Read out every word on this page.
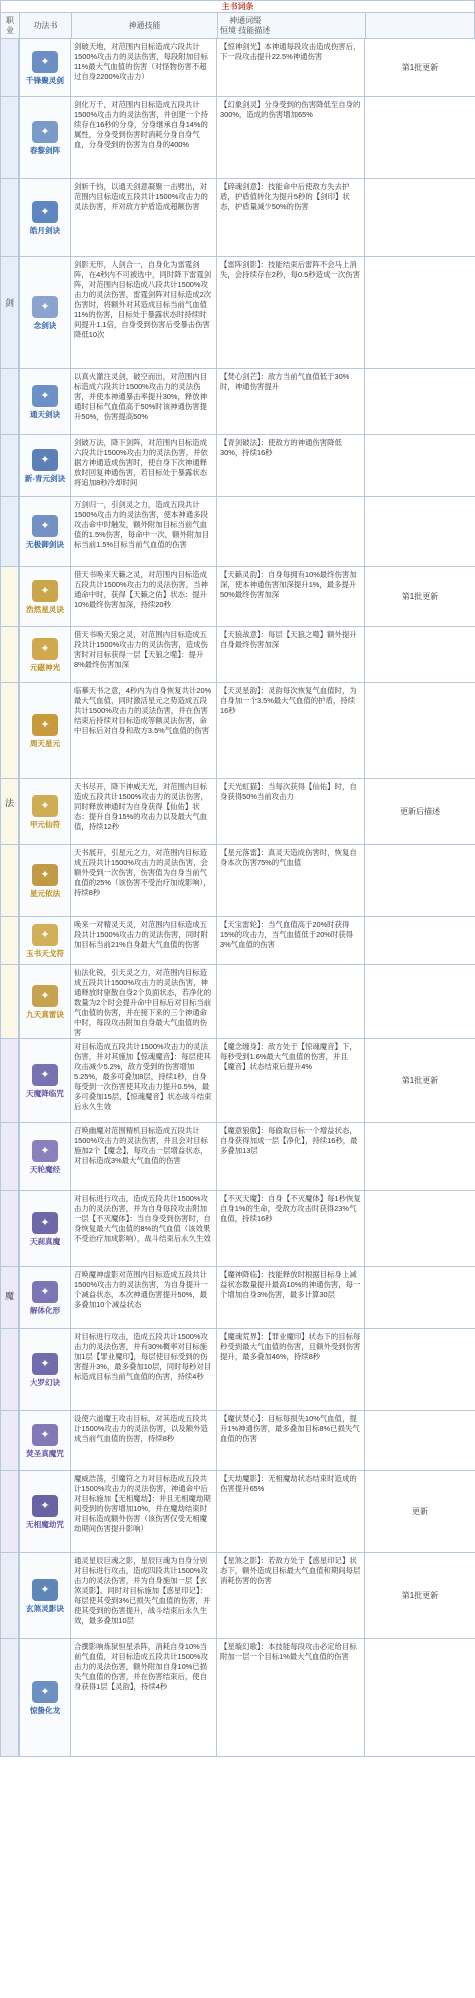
主书词条
职业
功法书	神通技能
神通词缀
恒境 技能描述
剑
法
魔
✦
千锋聚灵剑
剑破天地，对范围内目标造成六段共计1500%攻击力的灵法伤害，每段附加目标11%最大气血值的伤害（对怪物伤害不超过自身2200%攻击力）
【惊神剑光】本神通每段攻击造成伤害后，下一段攻击提升22.5%神通伤害
第1批更新
✦
春黎剑阵
剑化万千，对范围内目标造成五段共计1500%攻击力的灵法伤害，并创建一个持续存在16秒的分身，分身继承自身14%的属性，分身受到伤害时消耗分身自身气血，分身受到的伤害为自身的400%
【幻象剑灵】分身受到的伤害降低至自身的300%，造成的伤害增加65%
✦
皓月剑诀
剑斩千钧，以通天剑意凝聚一击劈出，对范围内目标造成五段共计1500%攻击力的灵法伤害，并对敌方护盾造成超额伤害
【碎魂剑意】：技能命中后使敌方失去护盾，护盾值转化为提升5秒的【剑印】状态，护盾量减少50%的伤害
✦
念剑诀
剑影无形，人剑合一，自身化为雷霆剑阵，在4秒内不可被选中，同时降下雷霆剑阵，对范围内目标造成八段共计1500%攻击力的灵法伤害，雷霆剑阵对目标造成2次伤害时，将额外对其造成目标当前气血值11%的伤害，目标处于暴露状态时持续时间提升1.1倍，自身受到伤害后受暴击伤害降低10次
【雷阵剑影】：技能结束后雷阵不会马上消失，会持续存在2秒，每0.5秒造成一次伤害
✦
通天剑诀
以真火灌注灵剑，破空而出，对范围内目标造成六段共计1500%攻击力的灵法伤害，并使本神通暴击率提升30%，释放神通时目标气血值高于50%时该神通伤害提升50%，伤害提高50%
【焚心剑芒】：敌方当前气血值低于30%时，神通伤害提升
✦
新-青元剑诀
剑破万法，降下剑阵，对范围内目标造成六段共计1500%攻击力的灵法伤害，并依据方神通造成伤害时，使自身下次神通释放时回复神通伤害，若目标处于暴露状态将追加8秒冷却时间
【青剑破法】：使敌方的神通伤害降低30%，持续16秒
✦
无极御剑诀
万剑归一，引剑灵之力，造成五段共计1500%攻击力的灵法伤害，使本神通多段攻击命中时触发，额外附加目标当前气血值的1.5%伤害，每命中一次，额外附加目标当前1.5%目标当前气血值的伤害
✦
浩然星灵诀
借天书唤来天籁之灵，对范围内目标造成五段共计1500%攻击力的灵法伤害，当神通命中时，获得【天籁之佑】状态：提升10%最终伤害加深，持续20秒
【天籁灵韵】：自身每拥有10%最终伤害加深，使本神通伤害加深提升1%，最多提升50%最终伤害加深	第1批更新
✦
元磁神光
借天书唤天狼之灵，对范围内目标造成五段共计1500%攻击力的灵法伤害，造成伤害时对目标获得一层【天狼之噬】：提升8%最终伤害加深
【天狼战意】：每层【天狼之噬】额外提升自身最终伤害加深
✦
周天星元
临摹天书之意，4秒内为自身恢复共计20%最大气血值，同时激活星元之势造成五段共计1500%攻击力的灵法伤害，并在伤害结束后持续对目标造成等额灵法伤害，命中目标后对自身和敌方3.5%气血值的伤害
【天灵星韵】：灵韵每次恢复气血值时，为自身加一个3.5%最大气血值的护盾，持续16秒
✦
甲元仙符
天书尽开，降下神威天光，对范围内目标造成五段共计1500%攻击力的灵法伤害，同时释放神通时为自身获得【仙佑】状态：提升自身15%的攻击力以及最大气血值，持续12秒
【天光虹猫】：当每次获得【仙佑】时，自身获得50%当前攻击力
更新后描述
✦
星元依法
天书展开，引星元之力，对范围内目标造成五段共计1500%攻击力的灵法伤害，会额外受到一次伤害，伤害值为自身当前气血值的25%（该伤害不受治疗加成影响），持续8秒
【星元落雷】：真灵天造成伤害时，恢复自身本次伤害75%的气血值
✦
玉书天戈符
唤来一对精灵天灵，对范围内目标造成五段共计1500%攻击力的灵法伤害，同时附加目标当前21%自身最大气血值的伤害
【天宝雷轮】：当气血值高于20%时获得15%的攻击力，当气血值低于20%时获得3%气血值的伤害
✦
九天真雷诀
仙法化锐，引天灵之力，对范围内目标造成五段共计1500%攻击力的灵法伤害，神通释放时驱散自身2个负面状态，若净化的数量为2个时会提升命中目标后对目标当前气血值的伤害，并在接下来的三个神通命中时，每段攻击附加自身最大气血值的伤害
✦
天魔降临咒
对目标造成五段共计1500%攻击力的灵法伤害，并对其施加【惊魂魔音】：每层使其攻击减少5.2%，敌方受到的伤害增加5.25%，最多可叠加8层，持续1秒，自身每受到一次伤害使其攻击力提升0.5%，最多可叠加15层，【惊魂魔音】状态战斗结束后永久生效
【魔念缠身】：敌方处于【惊魂魔音】下，每秒受到1.6%最大气血值的伤害，并且【魔音】状态结束后提升4%
第1批更新
✦
天轮魔经
召唤幽魔对范围精机目标造成五段共计1500%攻击力的灵法伤害，并且会对目标施加2个【魔念】，每攻击一层增益状态，对目标造成3%最大气血值的伤害
【魔意狼傲】：每偷取目标一个增益状态，自身获得加成一层【净化】，持续16秒，最多叠加13层
✦
天刹真魔
对目标进行攻击，造成五段共计1500%攻击力的灵法伤害，并为自身每段攻击附加一层【不灭魔体】：当自身受到伤害时，自身恢复最大气血值的8%的气血值（该效果不受治疗加成影响），战斗结束后永久生效
【不灭天魔】：自身【不灭魔体】每1秒恢复自身1%的生命，受敌方攻击时获得23%气血值，持续16秒
✦
解体化形
召唤魔神虚影对范围内目标造成五段共计1500%攻击力的灵法伤害，为自身提升一个减益状态，本次神通伤害提升50%，最多叠加10个减益状态
【魔神降临】：技能释放时根据目标身上减益状态数量提升最高10%的神通伤害，每一个增加自身3%伤害，最多计算30层
✦
大罗幻诀
对目标进行攻击，造成五段共计1500%攻击力的灵法伤害，并有30%概率对目标施加1层【罪业魔印】，每层使目标受到的伤害提升3%，最多叠加10层，同时每秒对目标造成目标当前气血值的伤害，持续4秒
【魔魂荒界】：【罪业魔印】状态下的目标每秒受到最大气血值的伤害，且额外受到伤害提升，最多叠加46%，持续8秒
✦
焚圣真魔咒
设使六道魔王攻击目标，对其造成五段共计1500%攻击力的灵法伤害，以及额外造成当前气血值的伤害，持续8秒
【魔伏焚心】：目标每损失10%气血值，提升1%神通伤害，最多叠加目标8%已损失气血值的伤害
✦
无相魔劫咒
魔威浩荡，引魔符之力对目标造成五段共计1500%攻击力的灵法伤害，神通命中后对目标施加【无相魔劫】：并且无相魔劫期间受到的伤害增加10%，并在魔劫结束时对目标造成额外伤害（该伤害仅受无相魔劫期间伤害提升影响）
【天劫魔影】：无相魔劫状态结束时造成的伤害提升65%
更新
✦
玄煞灵影诀
通灵星辰巨魂之影，星辰巨魂为自身分别对目标进行攻击，造成四段共计1500%攻击力的灵法伤害，并为自身施加一层【玄煞灵影】，同时对目标施加【惑星印记】：每层使其受到3%已损失气血值的伤害，并使其受到的伤害提升，战斗结束后永久生效，最多叠加10层
【星煞之影】：若敌方处于【惑星印记】状态下，额外造成目标最大气血值和期间每层消耗伤害的伤害
第1批更新
✦
惊蛰化龙
合撰影响炼狱恒星杀阵，消耗自身10%当前气血值，对目标造成五段共计1500%攻击力的灵法伤害，额外附加自身10%已损失气血值的伤害，并在伤害结束后，使自身获得1层【灵韵】，持续4秒
【星璇幻歌】：本技能每段攻击必定给目标附加一层一个目标1%最大气血值的伤害
